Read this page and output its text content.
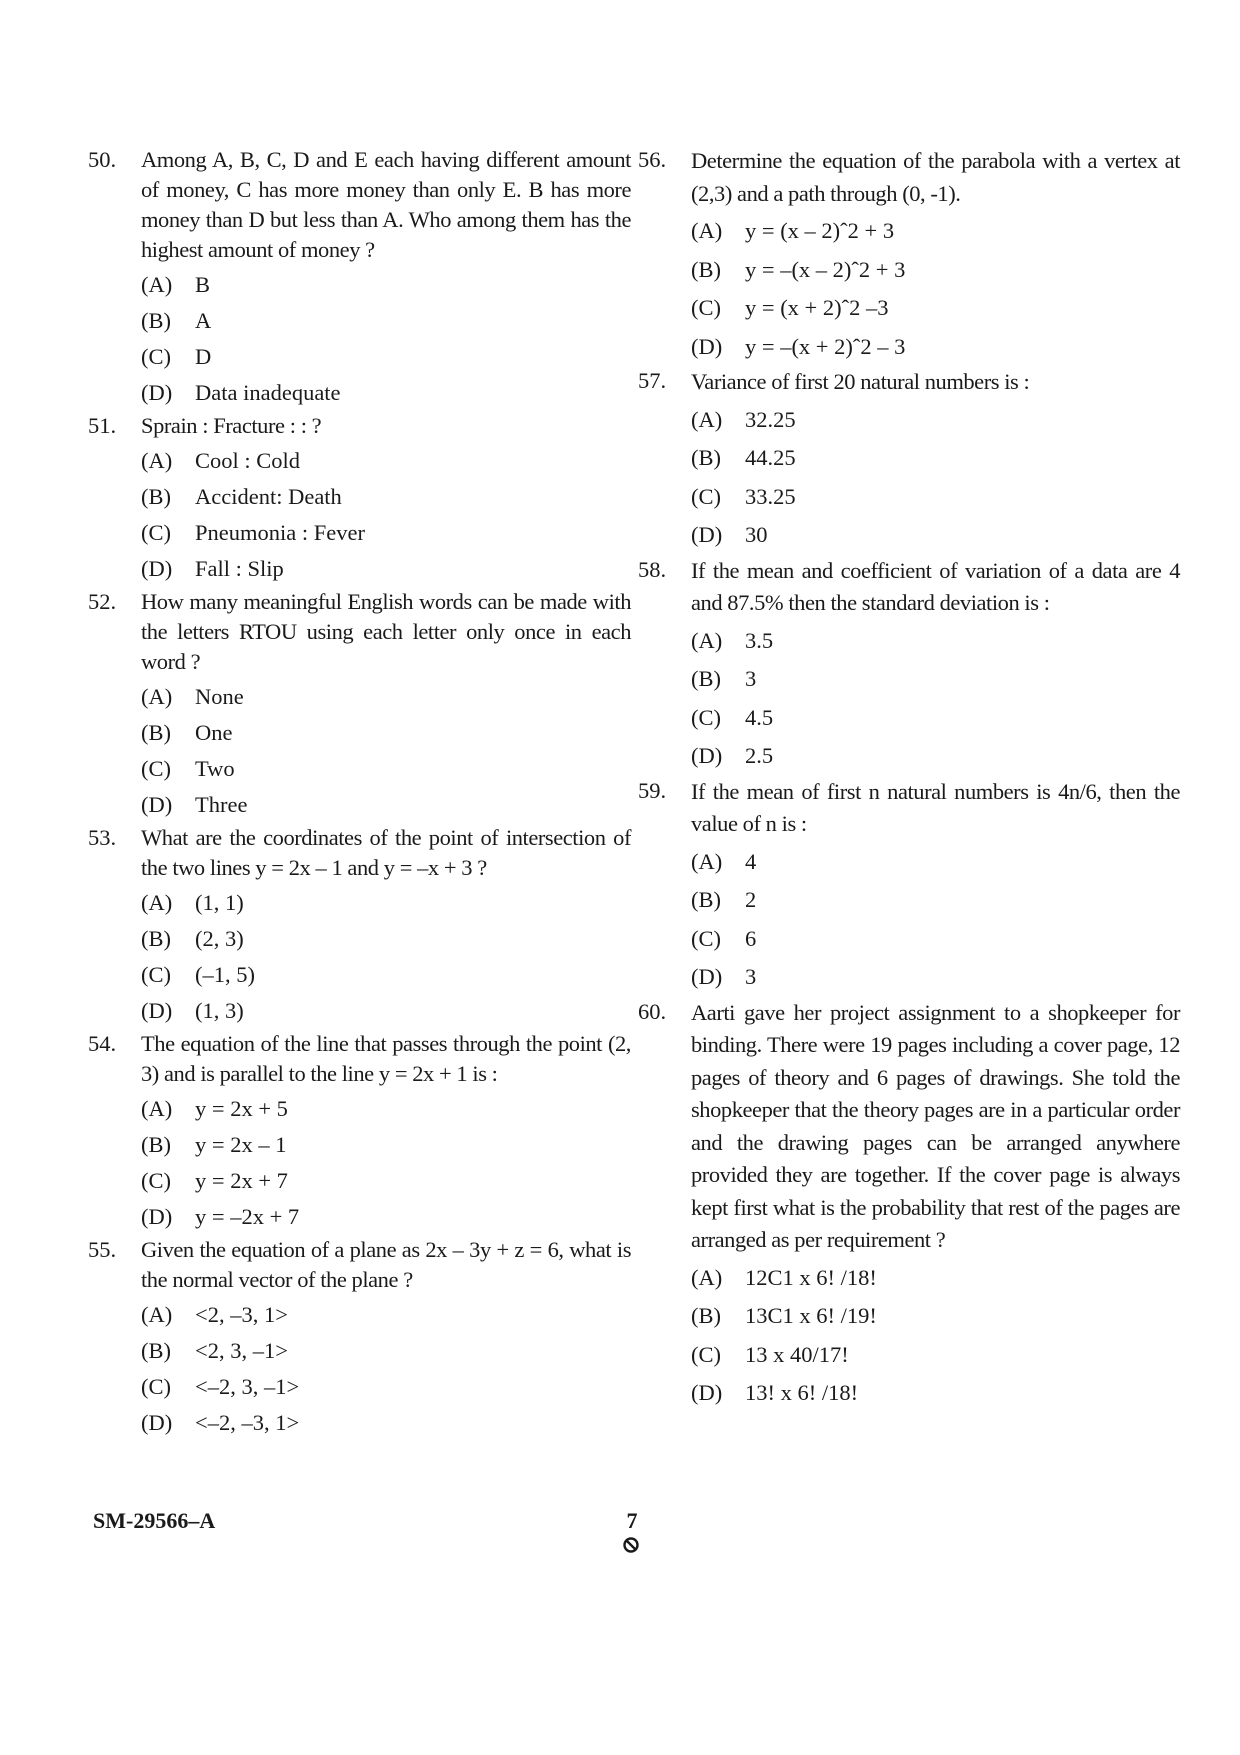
50. Among A, B, C, D and E each having different amount of money, C has more money than only E. B has more money than D but less than A. Who among them has the highest amount of money ?
(A)	B
(B)	A
(C)	D
(D)	Data inadequate
51. Sprain : Fracture : : ?
(A)	Cool : Cold
(B)	Accident: Death
(C)	Pneumonia : Fever
(D)	Fall : Slip
52. How many meaningful English words can be made with the letters RTOU using each letter only once in each word ?
(A)	None
(B)	One
(C)	Two
(D)	Three
53. What are the coordinates of the point of intersection of the two lines y = 2x – 1 and y = –x + 3 ?
(A)	(1, 1)
(B)	(2, 3)
(C)	(–1, 5)
(D)	(1, 3)
54. The equation of the line that passes through the point (2, 3) and is parallel to the line y = 2x + 1 is :
(A)	y = 2x + 5
(B)	y = 2x – 1
(C)	y = 2x + 7
(D)	y = –2x + 7
55. Given the equation of a plane as 2x – 3y + z = 6, what is the normal vector of the plane ?
(A)	<2, –3, 1>
(B)	<2, 3, –1>
(C)	<–2, 3, –1>
(D)	<–2, –3, 1>
56. Determine the equation of the parabola with a vertex at (2,3) and a path through (0, -1).
(A)	y = (x – 2)ˆ2 + 3
(B)	y = –(x – 2)ˆ2 + 3
(C)	y = (x + 2)ˆ2 –3
(D)	y = –(x + 2)ˆ2 – 3
57. Variance of first 20 natural numbers is :
(A)	32.25
(B)	44.25
(C)	33.25
(D)	30
58. If the mean and coefficient of variation of a data are 4 and 87.5% then the standard deviation is :
(A)	3.5
(B)	3
(C)	4.5
(D)	2.5
59. If the mean of first n natural numbers is 4n/6, then the value of n is :
(A)	4
(B)	2
(C)	6
(D)	3
60. Aarti gave her project assignment to a shopkeeper for binding. There were 19 pages including a cover page, 12 pages of theory and 6 pages of drawings. She told the shopkeeper that the theory pages are in a particular order and the drawing pages can be arranged anywhere provided they are together. If the cover page is always kept first what is the probability that rest of the pages are arranged as per requirement ?
(A)	12C1 x 6! /18!
(B)	13C1 x 6! /19!
(C)	13 x 40/17!
(D)	13! x 6! /18!
SM-29566–A	7
